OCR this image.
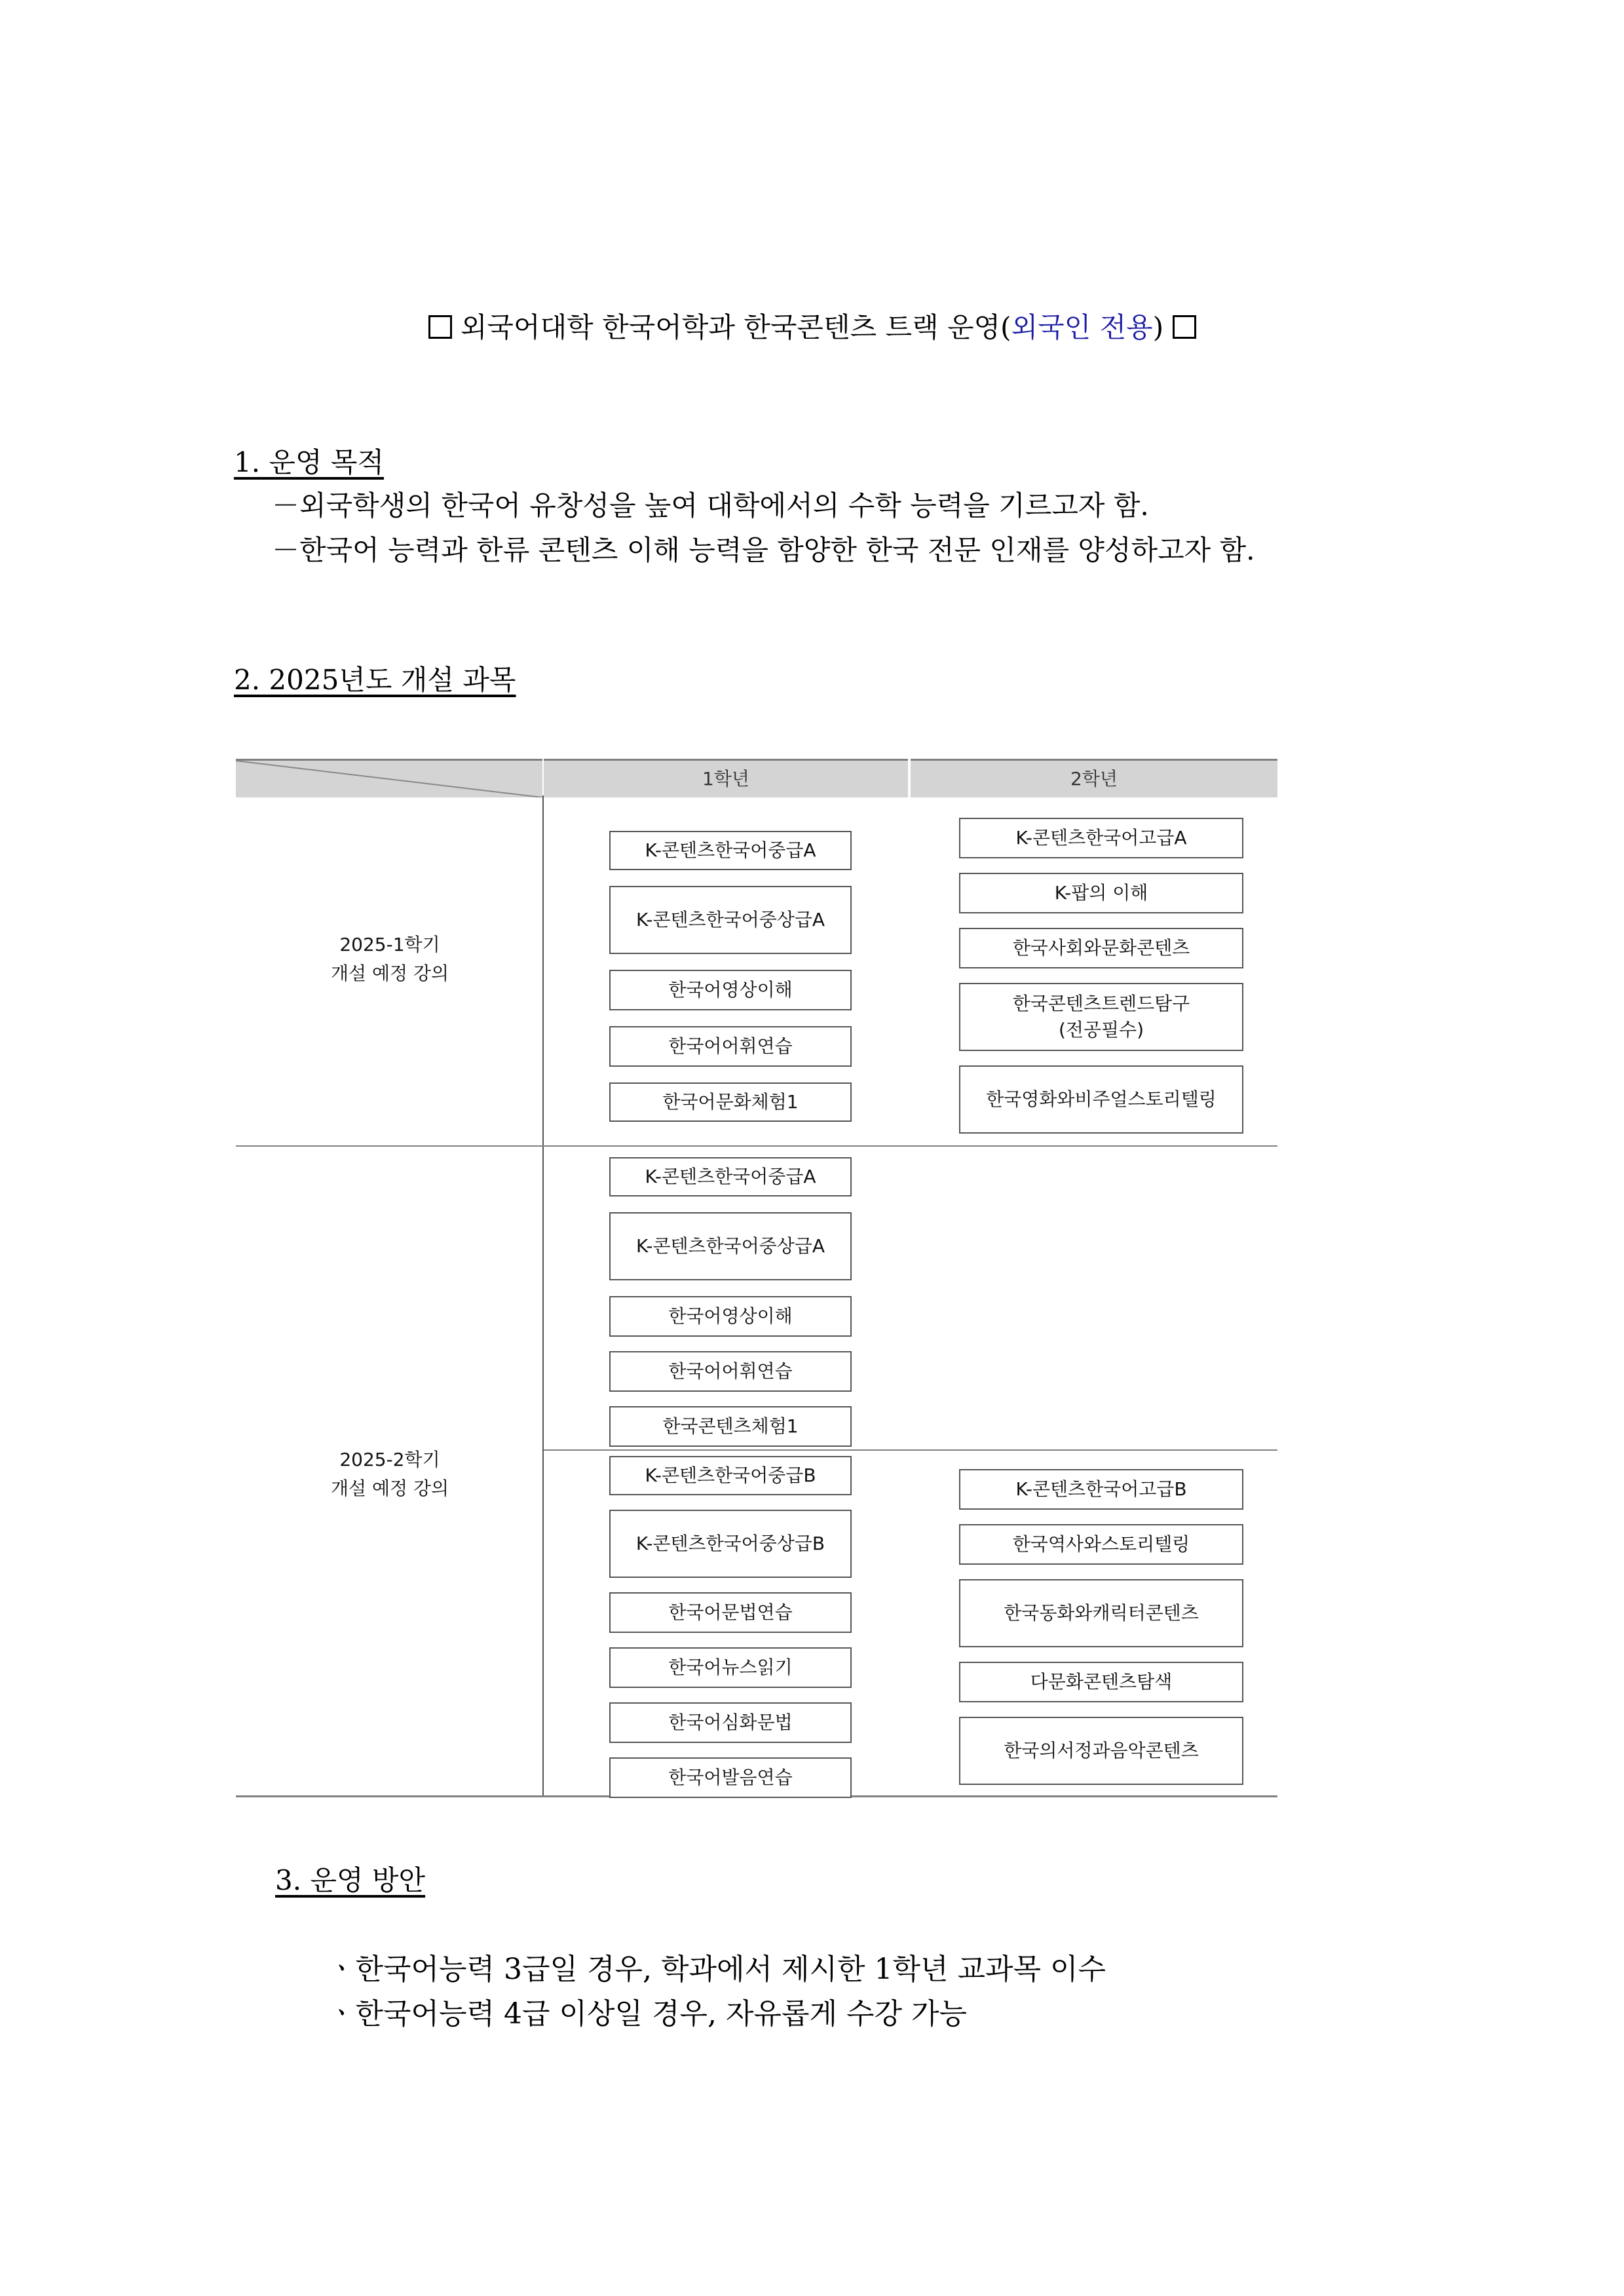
외국어대학 한국어학과 한국콘텐츠 트랙 운영(외국인 전용)
1. 운영 목적
－외국학생의 한국어 유창성을 높여 대학에서의 수학 능력을 기르고자 함.
－한국어 능력과 한류 콘텐츠 이해 능력을 함양한 한국 전문 인재를 양성하고자 함.
2. 2025년도 개설 과목
1학년	2학년
2025-1학기
개설 예정 강의
2025-2학기
개설 예정 강의
K-콘텐츠한국어중급A
K-콘텐츠한국어중상급A
한국어영상이해
한국어어휘연습
한국어문화체험1
K-콘텐츠한국어고급A
K-팝의 이해
한국사회와문화콘텐츠
한국콘텐츠트렌드탐구
(전공필수)
한국영화와비주얼스토리텔링
K-콘텐츠한국어중급A
K-콘텐츠한국어중상급A
한국어영상이해
한국어어휘연습
한국콘텐츠체험1
K-콘텐츠한국어중급B
K-콘텐츠한국어중상급B
한국어문법연습
한국어뉴스읽기
한국어심화문법
한국어발음연습
K-콘텐츠한국어고급B
한국역사와스토리텔링
한국동화와캐릭터콘텐츠
다문화콘텐츠탐색
한국의서정과음악콘텐츠
3. 운영 방안
ㆍ한국어능력 3급일 경우, 학과에서 제시한 1학년 교과목 이수
ㆍ한국어능력 4급 이상일 경우, 자유롭게 수강 가능
